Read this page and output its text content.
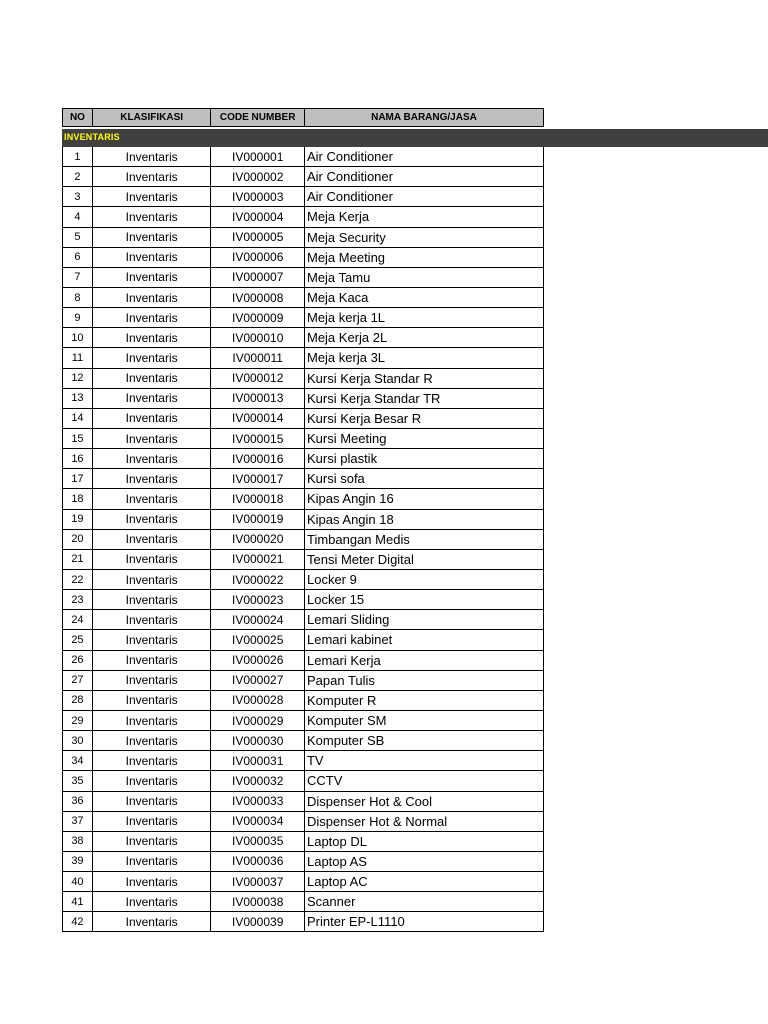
NO	KLASIFIKASI	CODE NUMBER	NAMA BARANG/JASA
INVENTARIS
1	Inventaris	IV000001	Air Conditioner
2	Inventaris	IV000002	Air Conditioner
3	Inventaris	IV000003	Air Conditioner
4	Inventaris	IV000004	Meja Kerja
5	Inventaris	IV000005	Meja Security
6	Inventaris	IV000006	Meja Meeting
7	Inventaris	IV000007	Meja Tamu
8	Inventaris	IV000008	Meja Kaca
9	Inventaris	IV000009	Meja kerja 1L
10	Inventaris	IV000010	Meja Kerja 2L
11	Inventaris	IV000011	Meja kerja 3L
12	Inventaris	IV000012	Kursi Kerja Standar R
13	Inventaris	IV000013	Kursi Kerja Standar TR
14	Inventaris	IV000014	Kursi Kerja Besar R
15	Inventaris	IV000015	Kursi Meeting
16	Inventaris	IV000016	Kursi plastik
17	Inventaris	IV000017	Kursi sofa
18	Inventaris	IV000018	Kipas Angin 16
19	Inventaris	IV000019	Kipas Angin 18
20	Inventaris	IV000020	Timbangan Medis
21	Inventaris	IV000021	Tensi Meter Digital
22	Inventaris	IV000022	Locker 9
23	Inventaris	IV000023	Locker 15
24	Inventaris	IV000024	Lemari Sliding
25	Inventaris	IV000025	Lemari kabinet
26	Inventaris	IV000026	Lemari Kerja
27	Inventaris	IV000027	Papan Tulis
28	Inventaris	IV000028	Komputer R
29	Inventaris	IV000029	Komputer SM
30	Inventaris	IV000030	Komputer SB
34	Inventaris	IV000031	TV
35	Inventaris	IV000032	CCTV
36	Inventaris	IV000033	Dispenser Hot & Cool
37	Inventaris	IV000034	Dispenser Hot & Normal
38	Inventaris	IV000035	Laptop DL
39	Inventaris	IV000036	Laptop AS
40	Inventaris	IV000037	Laptop AC
41	Inventaris	IV000038	Scanner
42	Inventaris	IV000039	Printer EP-L1110
